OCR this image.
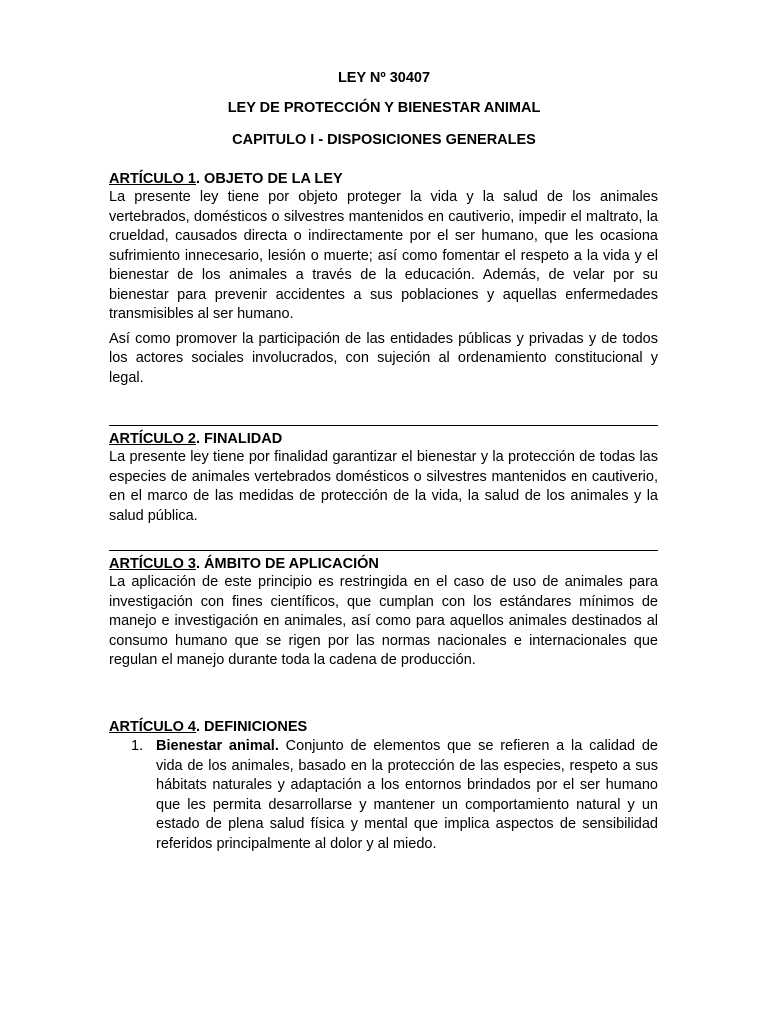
LEY Nº 30407
LEY DE PROTECCIÓN Y BIENESTAR ANIMAL
CAPITULO I - DISPOSICIONES GENERALES
ARTÍCULO 1. OBJETO DE LA LEY

La presente ley tiene por objeto proteger la vida y la salud de los animales vertebrados, domésticos o silvestres mantenidos en cautiverio, impedir el maltrato, la crueldad, causados directa o indirectamente por el ser humano, que les ocasiona sufrimiento innecesario, lesión o muerte; así como fomentar el respeto a la vida y el bienestar de los animales a través de la educación. Además, de velar por su bienestar para prevenir accidentes a sus poblaciones y aquellas enfermedades transmisibles al ser humano.

Así como promover la participación de las entidades públicas y privadas y de todos los actores sociales involucrados, con sujeción al ordenamiento constitucional y legal.

ARTÍCULO 2. FINALIDAD

La presente ley tiene por finalidad garantizar el bienestar y la protección de todas las especies de animales vertebrados domésticos o silvestres mantenidos en cautiverio, en el marco de las medidas de protección de la vida, la salud de los animales y la salud pública.

ARTÍCULO 3. ÁMBITO DE APLICACIÓN

La aplicación de este principio es restringida en el caso de uso de animales para investigación con fines científicos, que cumplan con los estándares mínimos de manejo e investigación en animales, así como para aquellos animales destinados al consumo humano que se rigen por las normas nacionales e internacionales que regulan el manejo durante toda la cadena de producción.

ARTÍCULO 4. DEFINICIONES
1. Bienestar animal. Conjunto de elementos que se refieren a la calidad de vida de los animales, basado en la protección de las especies, respeto a sus hábitats naturales y adaptación a los entornos brindados por el ser humano que les permita desarrollarse y mantener un comportamiento natural y un estado de plena salud física y mental que implica aspectos de sensibilidad referidos principalmente al dolor y al miedo.
